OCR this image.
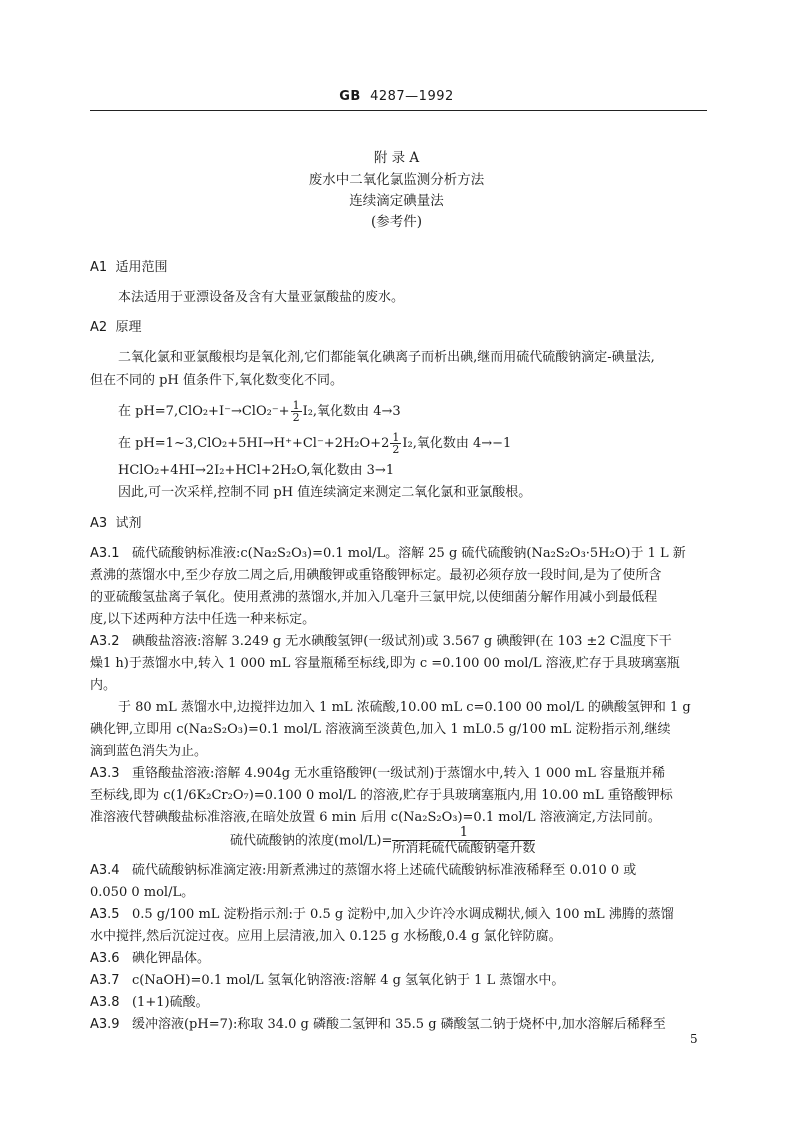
GB 4287—1992
附 录 A
废水中二氧化氯监测分析方法
连续滴定碘量法
(参考件)
A1 适用范围
本法适用于亚漂设备及含有大量亚氯酸盐的废水。
A2 原理
二氧化氯和亚氯酸根均是氧化剂,它们都能氧化碘离子而析出碘,继而用硫代硫酸钠滴定-碘量法,
但在不同的 pH 值条件下,氧化数变化不同。
在 $pH=7,ClO_2+I^-\to ClO_2^-+ \frac{1}{2} I_2$,氧化数由 4→3
在 pH=1~3,ClO₂+5HI→H⁺+Cl⁻+2H₂O+2 $\frac{1}{2} I_2$,氧化数由 4→−1
HClO₂+4HI→2I₂+HCl+2H₂O,氧化数由 3→1
因此,可一次采样,控制不同 pH 值连续滴定来测定二氧化氯和亚氯酸根。
A3 试剂
A3.1 硫代硫酸钠标准液:c(Na₂S₂O₃)=0.1 mol/L。溶解 25 g 硫代硫酸钠(Na₂S₂O₃·5H₂O)于 1 L 新
煮沸的蒸馏水中,至少存放二周之后,用碘酸钾或重铬酸钾标定。最初必须存放一段时间,是为了使所含
的亚硫酸氢盐离子氧化。使用煮沸的蒸馏水,并加入几毫升三氯甲烷,以使细菌分解作用减小到最低程
度,以下述两种方法中任选一种来标定。
A3.2 碘酸盐溶液:溶解 3.249 g 无水碘酸氢钾(一级试剂)或 3.567 g 碘酸钾(在 103 ±2 C温度下干
燥1 h)于蒸馏水中,转入 1 000 mL 容量瓶稀至标线,即为 c =0.100 00 mol/L 溶液,贮存于具玻璃塞瓶
内。
于 80 mL 蒸馏水中,边搅拌边加入 1 mL 浓硫酸,10.00 mL c=0.100 00 mol/L 的碘酸氢钾和 1 g
碘化钾,立即用 c(Na₂S₂O₃)=0.1 mol/L 溶液滴至淡黄色,加入 1 mL0.5 g/100 mL 淀粉指示剂,继续
滴到蓝色消失为止。
A3.3 重铬酸盐溶液:溶解 4.904g 无水重铬酸钾(一级试剂)于蒸馏水中,转入 1 000 mL 容量瓶并稀
至标线,即为 c(1/6K₂Cr₂O₇)=0.100 0 mol/L 的溶液,贮存于具玻璃塞瓶内,用 10.00 mL 重铬酸钾标
准溶液代替碘酸盐标准溶液,在暗处放置 6 min 后用 c(Na₂S₂O₃)=0.1 mol/L 溶液滴定,方法同前。
硫代硫酸钠的浓度$(mol/L)= \frac{1}{\text{所消耗硫代硫酸钠毫升数}}$
A3.4 硫代硫酸钠标准滴定液:用新煮沸过的蒸馏水将上述硫代硫酸钠标准液稀释至 0.010 0 或
0.050 0 mol/L。
A3.5 0.5 g/100 mL 淀粉指示剂:于 0.5 g 淀粉中,加入少许冷水调成糊状,倾入 100 mL 沸腾的蒸馏
水中搅拌,然后沉淀过夜。应用上层清液,加入 0.125 g 水杨酸,0.4 g 氯化锌防腐。
A3.6 碘化钾晶体。
A3.7 c(NaOH)=0.1 mol/L 氢氧化钠溶液:溶解 4 g 氢氧化钠于 1 L 蒸馏水中。
A3.8 (1+1)硫酸。
A3.9 缓冲溶液(pH=7):称取 34.0 g 磷酸二氢钾和 35.5 g 磷酸氢二钠于烧杯中,加水溶解后稀释至
5
